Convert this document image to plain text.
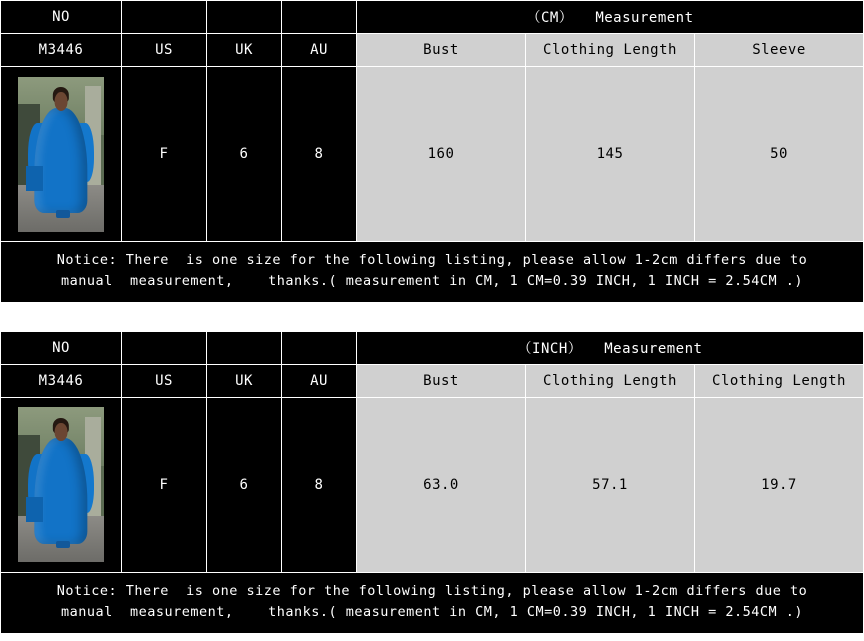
NO				（CM） Measurement		
M3446	US	UK	AU	Bust	Clothing Length	Sleeve

	F	6	8	160	145	50

Notice: There  is one size for the following listing, please allow 1-2cm differs due to
manual  measurement,    thanks.( measurement in CM, 1 CM=0.39 INCH, 1 INCH = 2.54CM .)						
NO				（INCH） Measurement		
M3446	US	UK	AU	Bust	Clothing Length	Clothing Length

	F	6	8	63.0	57.1	19.7

Notice: There  is one size for the following listing, please allow 1-2cm differs due to
manual  measurement,    thanks.( measurement in CM, 1 CM=0.39 INCH, 1 INCH = 2.54CM .)						
